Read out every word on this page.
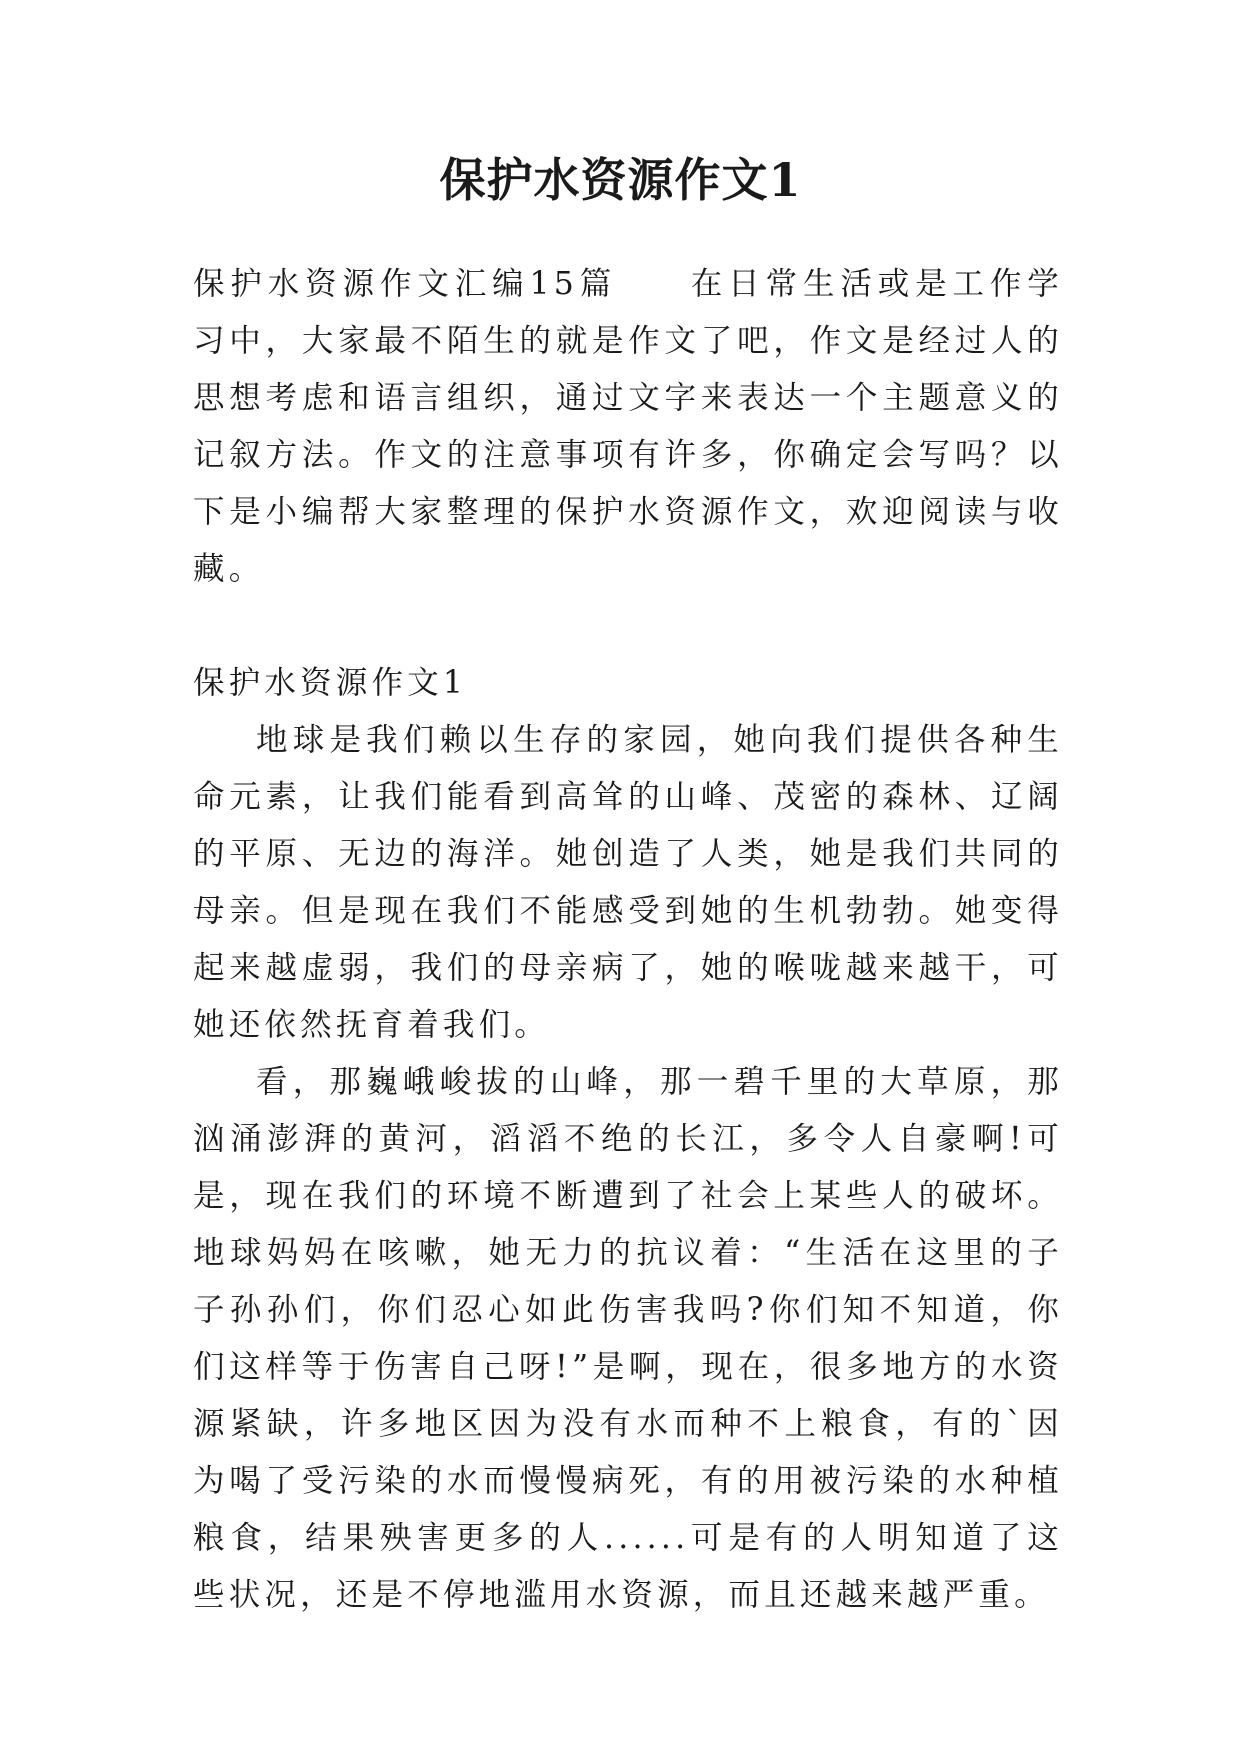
保护水资源作文1

保护水资源作文汇编15篇 在日常生活或是工作学习中，大家最不陌生的就是作文了吧，作文是经过人的思想考虑和语言组织，通过文字来表达一个主题意义的记叙方法。作文的注意事项有许多，你确定会写吗？以下是小编帮大家整理的保护水资源作文，欢迎阅读与收藏。

保护水资源作文1

地球是我们赖以生存的家园，她向我们提供各种生命元素，让我们能看到高耸的山峰、茂密的森林、辽阔的平原、无边的海洋。她创造了人类，她是我们共同的母亲。但是现在我们不能感受到她的生机勃勃。她变得起来越虚弱，我们的母亲病了，她的喉咙越来越干，可她还依然抚育着我们。

看，那巍峨峻拔的山峰，那一碧千里的大草原，那汹涌澎湃的黄河，滔滔不绝的长江，多令人自豪啊!可是，现在我们的环境不断遭到了社会上某些人的破坏。地球妈妈在咳嗽，她无力的抗议着：“生活在这里的子子孙孙们，你们忍心如此伤害我吗?你们知不知道，你们这样等于伤害自己呀!”是啊，现在，很多地方的水资源紧缺，许多地区因为没有水而种不上粮食，有的`因为喝了受污染的水而慢慢病死，有的用被污染的水种植粮食，结果殃害更多的人......可是有的人明知道了这些状况，还是不停地滥用水资源，而且还越来越严重。
